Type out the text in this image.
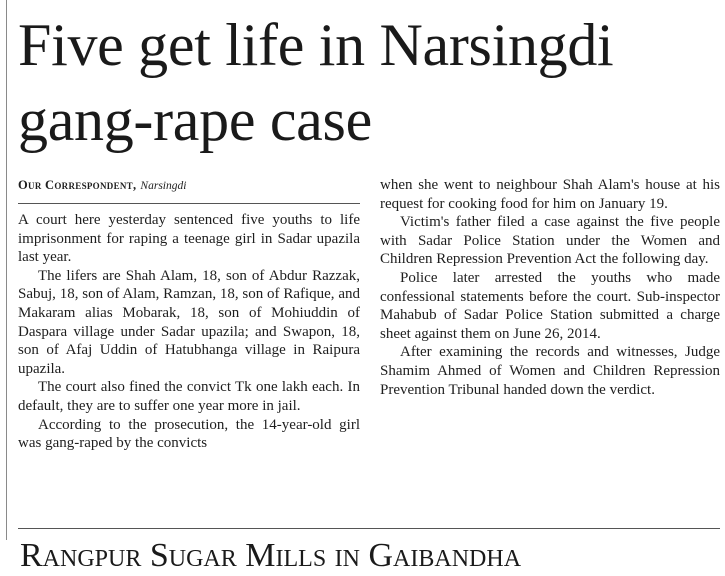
Five get life in Narsingdi gang-rape case
Our Correspondent, Narsingdi

A court here yesterday sentenced five youths to life imprisonment for raping a teenage girl in Sadar upazila last year.

The lifers are Shah Alam, 18, son of Abdur Razzak, Sabuj, 18, son of Alam, Ramzan, 18, son of Rafique, and Makaram alias Mobarak, 18, son of Mohiuddin of Daspara village under Sadar upazila; and Swapon, 18, son of Afaj Uddin of Hatubhanga village in Raipura upazila.

The court also fined the convict Tk one lakh each. In default, they are to suffer one year more in jail.

According to the prosecution, the 14-year-old girl was gang-raped by the convicts

when she went to neighbour Shah Alam's house at his request for cooking food for him on January 19.

Victim's father filed a case against the five people with Sadar Police Station under the Women and Children Repression Prevention Act the following day.

Police later arrested the youths who made confessional statements before the court. Sub-inspector Mahabub of Sadar Police Station submitted a charge sheet against them on June 26, 2014.

After examining the records and witnesses, Judge Shamim Ahmed of Women and Children Repression Prevention Tribunal handed down the verdict.

Rangpur Sugar Mills in Gaibandha
